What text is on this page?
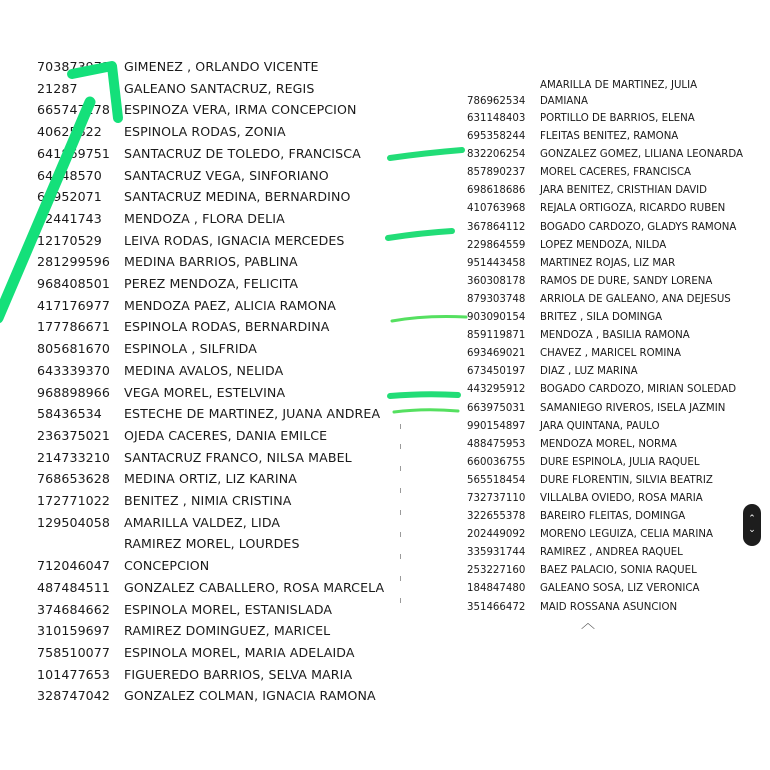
703873971	GIMENEZ , ORLANDO VICENTE
21287	GALEANO SANTACRUZ, REGIS
665747278	ESPINOZA VERA, IRMA CONCEPCION
40625822	ESPINOLA RODAS, ZONIA
641869751	SANTACRUZ DE TOLEDO, FRANCISCA
64548570	SANTACRUZ VEGA, SINFORIANO
67952071	SANTACRUZ MEDINA, BERNARDINO
12441743	MENDOZA , FLORA DELIA
12170529	LEIVA RODAS, IGNACIA MERCEDES
281299596	MEDINA BARRIOS, PABLINA
968408501	PEREZ MENDOZA, FELICITA
417176977	MENDOZA PAEZ, ALICIA RAMONA
177786671	ESPINOLA RODAS, BERNARDINA
805681670	ESPINOLA , SILFRIDA
643339370	MEDINA AVALOS, NELIDA
968898966	VEGA MOREL, ESTELVINA
58436534	ESTECHE DE MARTINEZ, JUANA ANDREA
236375021	OJEDA CACERES, DANIA EMILCE
214733210	SANTACRUZ FRANCO, NILSA MABEL
768653628	MEDINA ORTIZ, LIZ KARINA
172771022	BENITEZ , NIMIA CRISTINA
129504058	AMARILLA VALDEZ, LIDA
RAMIREZ MOREL, LOURDES
712046047	CONCEPCION
487484511	GONZALEZ CABALLERO, ROSA MARCELA
374684662	ESPINOLA MOREL, ESTANISLADA
310159697	RAMIREZ DOMINGUEZ, MARICEL
758510077	ESPINOLA MOREL, MARIA ADELAIDA
101477653	FIGUEREDO BARRIOS, SELVA MARIA
328747042	GONZALEZ COLMAN, IGNACIA RAMONA
AMARILLA DE MARTINEZ, JULIA
786962534	DAMIANA
631148403	PORTILLO DE BARRIOS, ELENA
695358244	FLEITAS BENITEZ, RAMONA
832206254	GONZALEZ GOMEZ, LILIANA LEONARDA
857890237	MOREL CACERES, FRANCISCA
698618686	JARA BENITEZ, CRISTHIAN DAVID
410763968	REJALA ORTIGOZA, RICARDO RUBEN
367864112	BOGADO CARDOZO, GLADYS RAMONA
229864559	LOPEZ MENDOZA, NILDA
951443458	MARTINEZ ROJAS, LIZ MAR
360308178	RAMOS DE DURE, SANDY LORENA
879303748	ARRIOLA DE GALEANO, ANA DEJESUS
903090154	BRITEZ , SILA DOMINGA
859119871	MENDOZA , BASILIA RAMONA
693469021	CHAVEZ , MARICEL ROMINA
673450197	DIAZ , LUZ MARINA
443295912	BOGADO CARDOZO, MIRIAN SOLEDAD
663975031	SAMANIEGO RIVEROS, ISELA JAZMIN
990154897	JARA QUINTANA, PAULO
488475953	MENDOZA MOREL, NORMA
660036755	DURE ESPINOLA, JULIA RAQUEL
565518454	DURE FLORENTIN, SILVIA BEATRIZ
732737110	VILLALBA OVIEDO, ROSA MARIA
322655378	BAREIRO FLEITAS, DOMINGA
202449092	MORENO LEGUIZA, CELIA MARINA
335931744	RAMIREZ , ANDREA RAQUEL
253227160	BAEZ PALACIO, SONIA RAQUEL
184847480	GALEANO SOSA, LIZ VERONICA
351466472	MAID ROSSANA ASUNCION
⌃
⌄
︿
